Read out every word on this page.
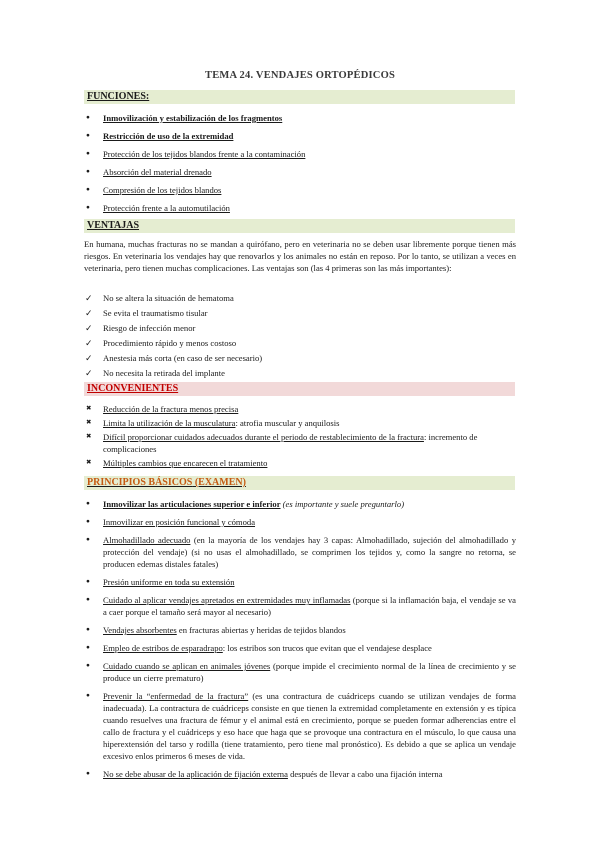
TEMA 24. VENDAJES ORTOPÉDICOS
FUNCIONES:
● Inmovilización y estabilización de los fragmentos
● Restricción de uso de la extremidad
● Protección de los tejidos blandos frente a la contaminación
● Absorción del material drenado
● Compresión de los tejidos blandos
● Protección frente a la automutilación
VENTAJAS

En humana, muchas fracturas no se mandan a quirófano, pero en veterinaria no se deben usar libremente porque tienen más riesgos. En veterinaria los vendajes hay que renovarlos y los animales no están en reposo. Por lo tanto, se utilizan a veces en veterinaria, pero tienen muchas complicaciones. Las ventajas son (las 4 primeras son las más importantes):

✓ No se altera la situación de hematoma
✓ Se evita el traumatismo tisular
✓ Riesgo de infección menor
✓ Procedimiento rápido y menos costoso
✓ Anestesia más corta (en caso de ser necesario)
✓ No necesita la retirada del implante
INCONVENIENTES
✖ Reducción de la fractura menos precisa
✖ Limita la utilización de la musculatura: atrofia muscular y anquilosis
✖ Difícil proporcionar cuidados adecuados durante el periodo de restablecimiento de la fractura: incremento de complicaciones
✖ Múltiples cambios que encarecen el tratamiento
PRINCIPIOS BÁSICOS (EXAMEN)
● Inmovilizar las articulaciones superior e inferior (es importante y suele preguntarlo)
● Inmovilizar en posición funcional y cómoda
● Almohadillado adecuado (en la mayoría de los vendajes hay 3 capas: Almohadillado, sujeción del almohadillado y protección del vendaje) (si no usas el almohadillado, se comprimen los tejidos y, como la sangre no retorna, se producen edemas distales fatales)
● Presión uniforme en toda su extensión
● Cuidado al aplicar vendajes apretados en extremidades muy inflamadas (porque si la inflamación baja, el vendaje se va a caer porque el tamaño será mayor al necesario)
● Vendajes absorbentes en fracturas abiertas y heridas de tejidos blandos
● Empleo de estribos de esparadrapo: los estribos son trucos que evitan que el vendajese desplace
● Cuidado cuando se aplican en animales jóvenes (porque impide el crecimiento normal de la línea de crecimiento y se produce un cierre prematuro)
● Prevenir la “enfermedad de la fractura” (es una contractura de cuádriceps cuando se utilizan vendajes de forma inadecuada). La contractura de cuádriceps consiste en que tienen la extremidad completamente en extensión y es típica cuando resuelves una fractura de fémur y el animal está en crecimiento, porque se pueden formar adherencias entre el callo de fractura y el cuádriceps y eso hace que haga que se provoque una contractura en el músculo, lo que causa una hiperextensión del tarso y rodilla (tiene tratamiento, pero tiene mal pronóstico). Es debido a que se aplica un vendaje excesivo enlos primeros 6 meses de vida.
● No se debe abusar de la aplicación de fijación externa después de llevar a cabo una fijación interna
